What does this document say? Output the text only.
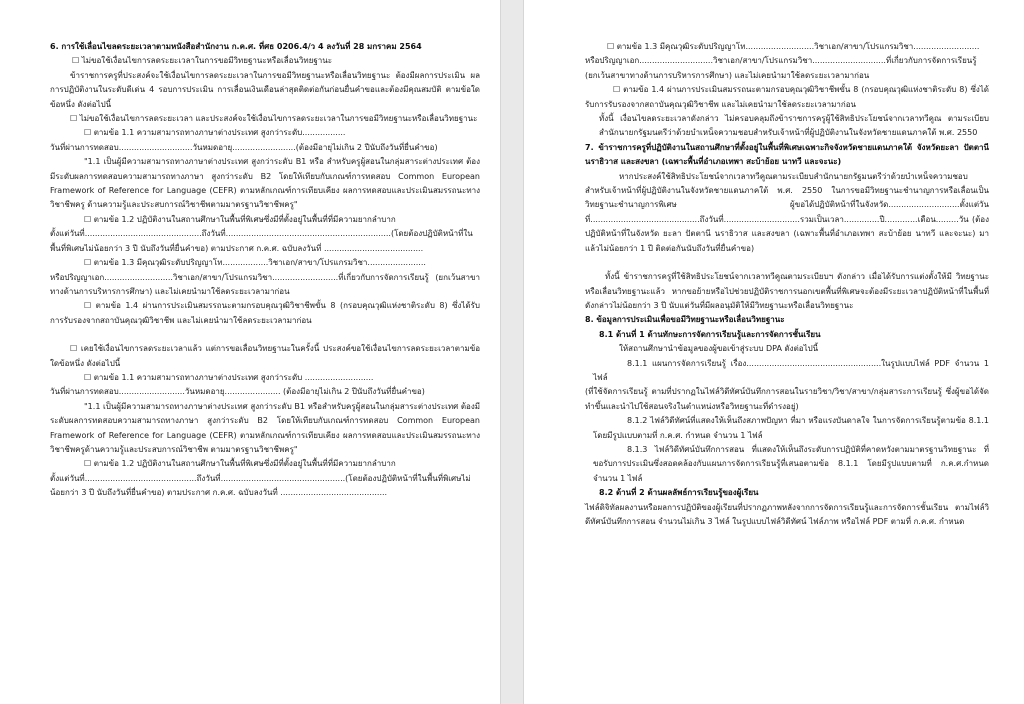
6. การใช้เลื่อนไขลดระยะเวลาตามหนังสือสำนักงาน ก.ค.ศ. ที่ศธ 0206.4/ว 4 ลงวันที่ 28 มกราคม 2564

☐ ไม่ขอใช้เงื่อนไขการลดระยะเวลาในการขอมีวิทยฐานะหรือเลื่อนวิทยฐานะ

ข้าราชการครูที่ประสงค์จะใช้เงื่อนไขการลดระยะเวลาในการขอมีวิทยฐานะหรือเลื่อนวิทยฐานะ ต้องมีผลการประเมิน ผลการปฏิบัติงานในระดับดีเด่น 4 รอบการประเมิน การเลื่อนเงินเดือนล่าสุดติดต่อกันก่อนยื่นคำขอและต้องมีคุณสมบัติ ตามข้อใดข้อหนึ่ง ดังต่อไปนี้

☐ ไม่ขอใช้เงื่อนไขการลดระยะเวลา และประสงค์จะใช้เงื่อนไขการลดระยะเวลาในการขอมีวิทยฐานะหรือเลื่อนวิทยฐานะ

☐ ตามข้อ 1.1 ความสามารถทางภาษาต่างประเทศ สูงกว่าระดับ.................

วันที่ผ่านการทดสอบ.............................วันหมดอายุ.........................(ต้องมีอายุไม่เกิน 2 ปีนับถึงวันที่ยื่นคำขอ)

"1.1 เป็นผู้มีความสามารถทางภาษาต่างประเทศ สูงกว่าระดับ B1 หรือ สำหรับครูผู้สอนในกลุ่มสาระต่างประเทศ ต้องมีระดับผลการทดสอบความสามารถทางภาษา สูงกว่าระดับ B2 โดยให้เทียบกับเกณฑ์การทดสอบ Common European Framework of Reference for Language (CEFR) ตามหลักเกณฑ์การเทียบเคียง ผลการทดสอบและประเมินสมรรถนะทางวิชาชีพครู ด้านความรู้และประสบการณ์วิชาชีพตามมาตรฐานวิชาชีพครู"

☐ ตามข้อ 1.2 ปฏิบัติงานในสถานศึกษาในพื้นที่พิเศษซึ่งมีที่ตั้งอยู่ในพื้นที่ที่มีความยากลำบาก

ตั้งแต่วันที่..............................................ถึงวันที่.................................................................(โดยต้องปฏิบัติหน้าที่ในพื้นที่พิเศษไม่น้อยกว่า 3 ปี นับถึงวันที่ยื่นคำขอ) ตามประกาศ ก.ค.ศ. ฉบับลงวันที่ .......................................

☐ ตามข้อ 1.3 มีคุณวุฒิระดับปริญญาโท..................วิชาเอก/สาขา/โปรแกรมวิชา.......................

หรือปริญญาเอก...........................วิชาเอก/สาขา/โปรแกรมวิชา..........................ที่เกี่ยวกับการจัดการเรียนรู้ (ยกเว้นสาขาทางด้านการบริหารการศึกษา) และไม่เคยนำมาใช้ลดระยะเวลามาก่อน

☐ ตามข้อ 1.4 ผ่านการประเมินสมรรถนะตามกรอบคุณวุฒิวิชาชีพขั้น 8 (กรอบคุณวุฒิแห่งชาติระดับ 8) ซึ่งได้รับการรับรองจากสถาบันคุณวุฒิวิชาชีพ และไม่เคยนำมาใช้ลดระยะเวลามาก่อน

☐ เคยใช้เงื่อนไขการลดระยะเวลาแล้ว แต่การขอเลื่อนวิทยฐานะในครั้งนี้ ประสงค์ขอใช้เงื่อนไขการลดระยะเวลาตามข้อใดข้อหนึ่ง ดังต่อไปนี้

☐ ตามข้อ 1.1 ความสามารถทางภาษาต่างประเทศ สูงกว่าระดับ ...........................

วันที่ผ่านการทดสอบ..........................วันหมดอายุ...................... (ต้องมีอายุไม่เกิน 2 ปีนับถึงวันที่ยื่นคำขอ)

"1.1 เป็นผู้มีความสามารถทางภาษาต่างประเทศ สูงกว่าระดับ B1 หรือสำหรับครูผู้สอนในกลุ่มสาระต่างประเทศ ต้องมีระดับผลการทดสอบความสามารถทางภาษา สูงกว่าระดับ B2 โดยให้เทียบกับเกณฑ์การทดสอบ Common European Framework of Reference for Language (CEFR) ตามหลักเกณฑ์การเทียบเคียง ผลการทดสอบและประเมินสมรรถนะทางวิชาชีพครูด้านความรู้และประสบการณ์วิชาชีพ ตามมาตรฐานวิชาชีพครู"

☐ ตามข้อ 1.2 ปฏิบัติงานในสถานศึกษาในพื้นที่พิเศษซึ่งมีที่ตั้งอยู่ในพื้นที่ที่มีความยากลำบาก

ตั้งแต่วันที่............................................ถึงวันที่.................................................(โดยต้องปฏิบัติหน้าที่ในพื้นที่พิเศษไม่น้อยกว่า 3 ปี นับถึงวันที่ยื่นคำขอ) ตามประกาศ ก.ค.ศ. ฉบับลงวันที่ ..........................................

☐ ตามข้อ 1.3 มีคุณวุฒิระดับปริญญาโท...........................วิชาเอก/สาขา/โปรแกรมวิชา..........................

หรือปริญญาเอก.............................วิชาเอก/สาขา/โปรแกรมวิชา.............................ที่เกี่ยวกับการจัดการเรียนรู้ (ยกเว้นสาขาทางด้านการบริหารการศึกษา) และไม่เคยนำมาใช้ลดระยะเวลามาก่อน

☐ ตามข้อ 1.4 ผ่านการประเมินสมรรถนะตามกรอบคุณวุฒิวิชาชีพขั้น 8 (กรอบคุณวุฒิแห่งชาติระดับ 8) ซึ่งได้รับการรับรองจากสถาบันคุณวุฒิวิชาชีพ และไม่เคยนำมาใช้ลดระยะเวลามาก่อน

ทั้งนี้ เงื่อนไขลดระยะเวลาดังกล่าว ไม่ครอบคลุมถึงข้าราชการครูผู้ใช้สิทธิประโยชน์จากเวลาทวีคูณ ตามระเบียบสำนักนายกรัฐมนตรีว่าด้วยบำเหน็จความชอบสำหรับเจ้าหน้าที่ผู้ปฏิบัติงานในจังหวัดชายแดนภาคใต้ พ.ศ. 2550

7. ข้าราชการครูที่ปฏิบัติงานในสถานศึกษาที่ตั้งอยู่ในพื้นที่พิเศษเฉพาะกิจจังหวัดชายแดนภาคใต้ จังหวัดยะลา ปัตตานี นราธิวาส และสงขลา (เฉพาะพื้นที่อำเภอเทพา สะบ้าย้อย นาทวี และจะนะ)

หากประสงค์ใช้สิทธิประโยชน์จากเวลาทวีคูณตามระเบียบสำนักนายกรัฐมนตรีว่าด้วยบำเหน็จความชอบสำหรับเจ้าหน้าที่ผู้ปฏิบัติงานในจังหวัดชายแดนภาคใต้ พ.ศ. 2550 ในการขอมีวิทยฐานะชำนาญการหรือเลื่อนเป็นวิทยฐานะชำนาญการพิเศษ ผู้ขอได้ปฏิบัติหน้าที่ในจังหวัด............................ตั้งแต่วันที่...........................................ถึงวันที่..............................รวมเป็นเวลา..............ปี.............เดือน.........วัน (ต้องปฏิบัติหน้าที่ในจังหวัด ยะลา ปัตตานี นราธิวาส และสงขลา (เฉพาะพื้นที่อำเภอเทพา สะบ้าย้อย นาทวี และจะนะ) มาแล้วไม่น้อยกว่า 1 ปี ติดต่อกันนับถึงวันที่ยื่นคำขอ)

ทั้งนี้ ข้าราชการครูที่ใช้สิทธิประโยชน์จากเวลาทวีคูณตามระเบียบฯ ดังกล่าว เมื่อได้รับการแต่งตั้งให้มี วิทยฐานะหรือเลื่อนวิทยฐานะแล้ว หากขอย้ายหรือไปช่วยปฏิบัติราชการนอกเขตพื้นที่พิเศษจะต้องมีระยะเวลาปฏิบัติหน้าที่ในพื้นที่ดังกล่าวไม่น้อยกว่า 3 ปี นับแต่วันที่มีผลอนุมัติให้มีวิทยฐานะหรือเลื่อนวิทยฐานะ

8. ข้อมูลการประเมินเพื่อขอมีวิทยฐานะหรือเลื่อนวิทยฐานะ

8.1 ด้านที่ 1 ด้านทักษะการจัดการเรียนรู้และการจัดการชั้นเรียน

ให้สถานศึกษานำข้อมูลของผู้ขอเข้าสู่ระบบ DPA ดังต่อไปนี้

8.1.1 แผนการจัดการเรียนรู้ เรื่อง.....................................................ในรูปแบบไฟล์ PDF จำนวน 1 ไฟล์

(ที่ใช้จัดการเรียนรู้ ตามที่ปรากฏในไฟล์วิดีทัศน์บันทึกการสอนในรายวิชา/วิชา/สาขา/กลุ่มสาระการเรียนรู้ ซึ่งผู้ขอได้จัดทำขึ้นและนำไปใช้สอนจริงในตำแหน่งหรือวิทยฐานะที่ดำรงอยู่)

8.1.2 ไฟล์วิดีทัศน์ที่แสดงให้เห็นถึงสภาพปัญหา ที่มา หรือแรงบันดาลใจ ในการจัดการเรียนรู้ตามข้อ 8.1.1 โดยมีรูปแบบตามที่ ก.ค.ศ. กำหนด จำนวน 1 ไฟล์

8.1.3 ไฟล์วิดีทัศน์บันทึกการสอน ที่แสดงให้เห็นถึงระดับการปฏิบัติที่คาดหวังตามมาตรฐานวิทยฐานะ ที่ขอรับการประเมินซึ่งสอดคล้องกับแผนการจัดการเรียนรู้ที่เสนอตามข้อ 8.1.1 โดยมีรูปแบบตามที่ ก.ค.ศ.กำหนด จำนวน 1 ไฟล์

8.2 ด้านที่ 2 ด้านผลลัพธ์การเรียนรู้ของผู้เรียน

ไฟล์ดิจิทัลผลงานหรือผลการปฏิบัติของผู้เรียนที่ปรากฏภาพหลังจากการจัดการเรียนรู้และการจัดการชั้นเรียน ตามไฟล์วิดีทัศน์บันทึกการสอน จำนวนไม่เกิน 3 ไฟล์ ในรูปแบบไฟล์วิดีทัศน์ ไฟล์ภาพ หรือไฟล์ PDF ตามที่ ก.ค.ศ. กำหนด
